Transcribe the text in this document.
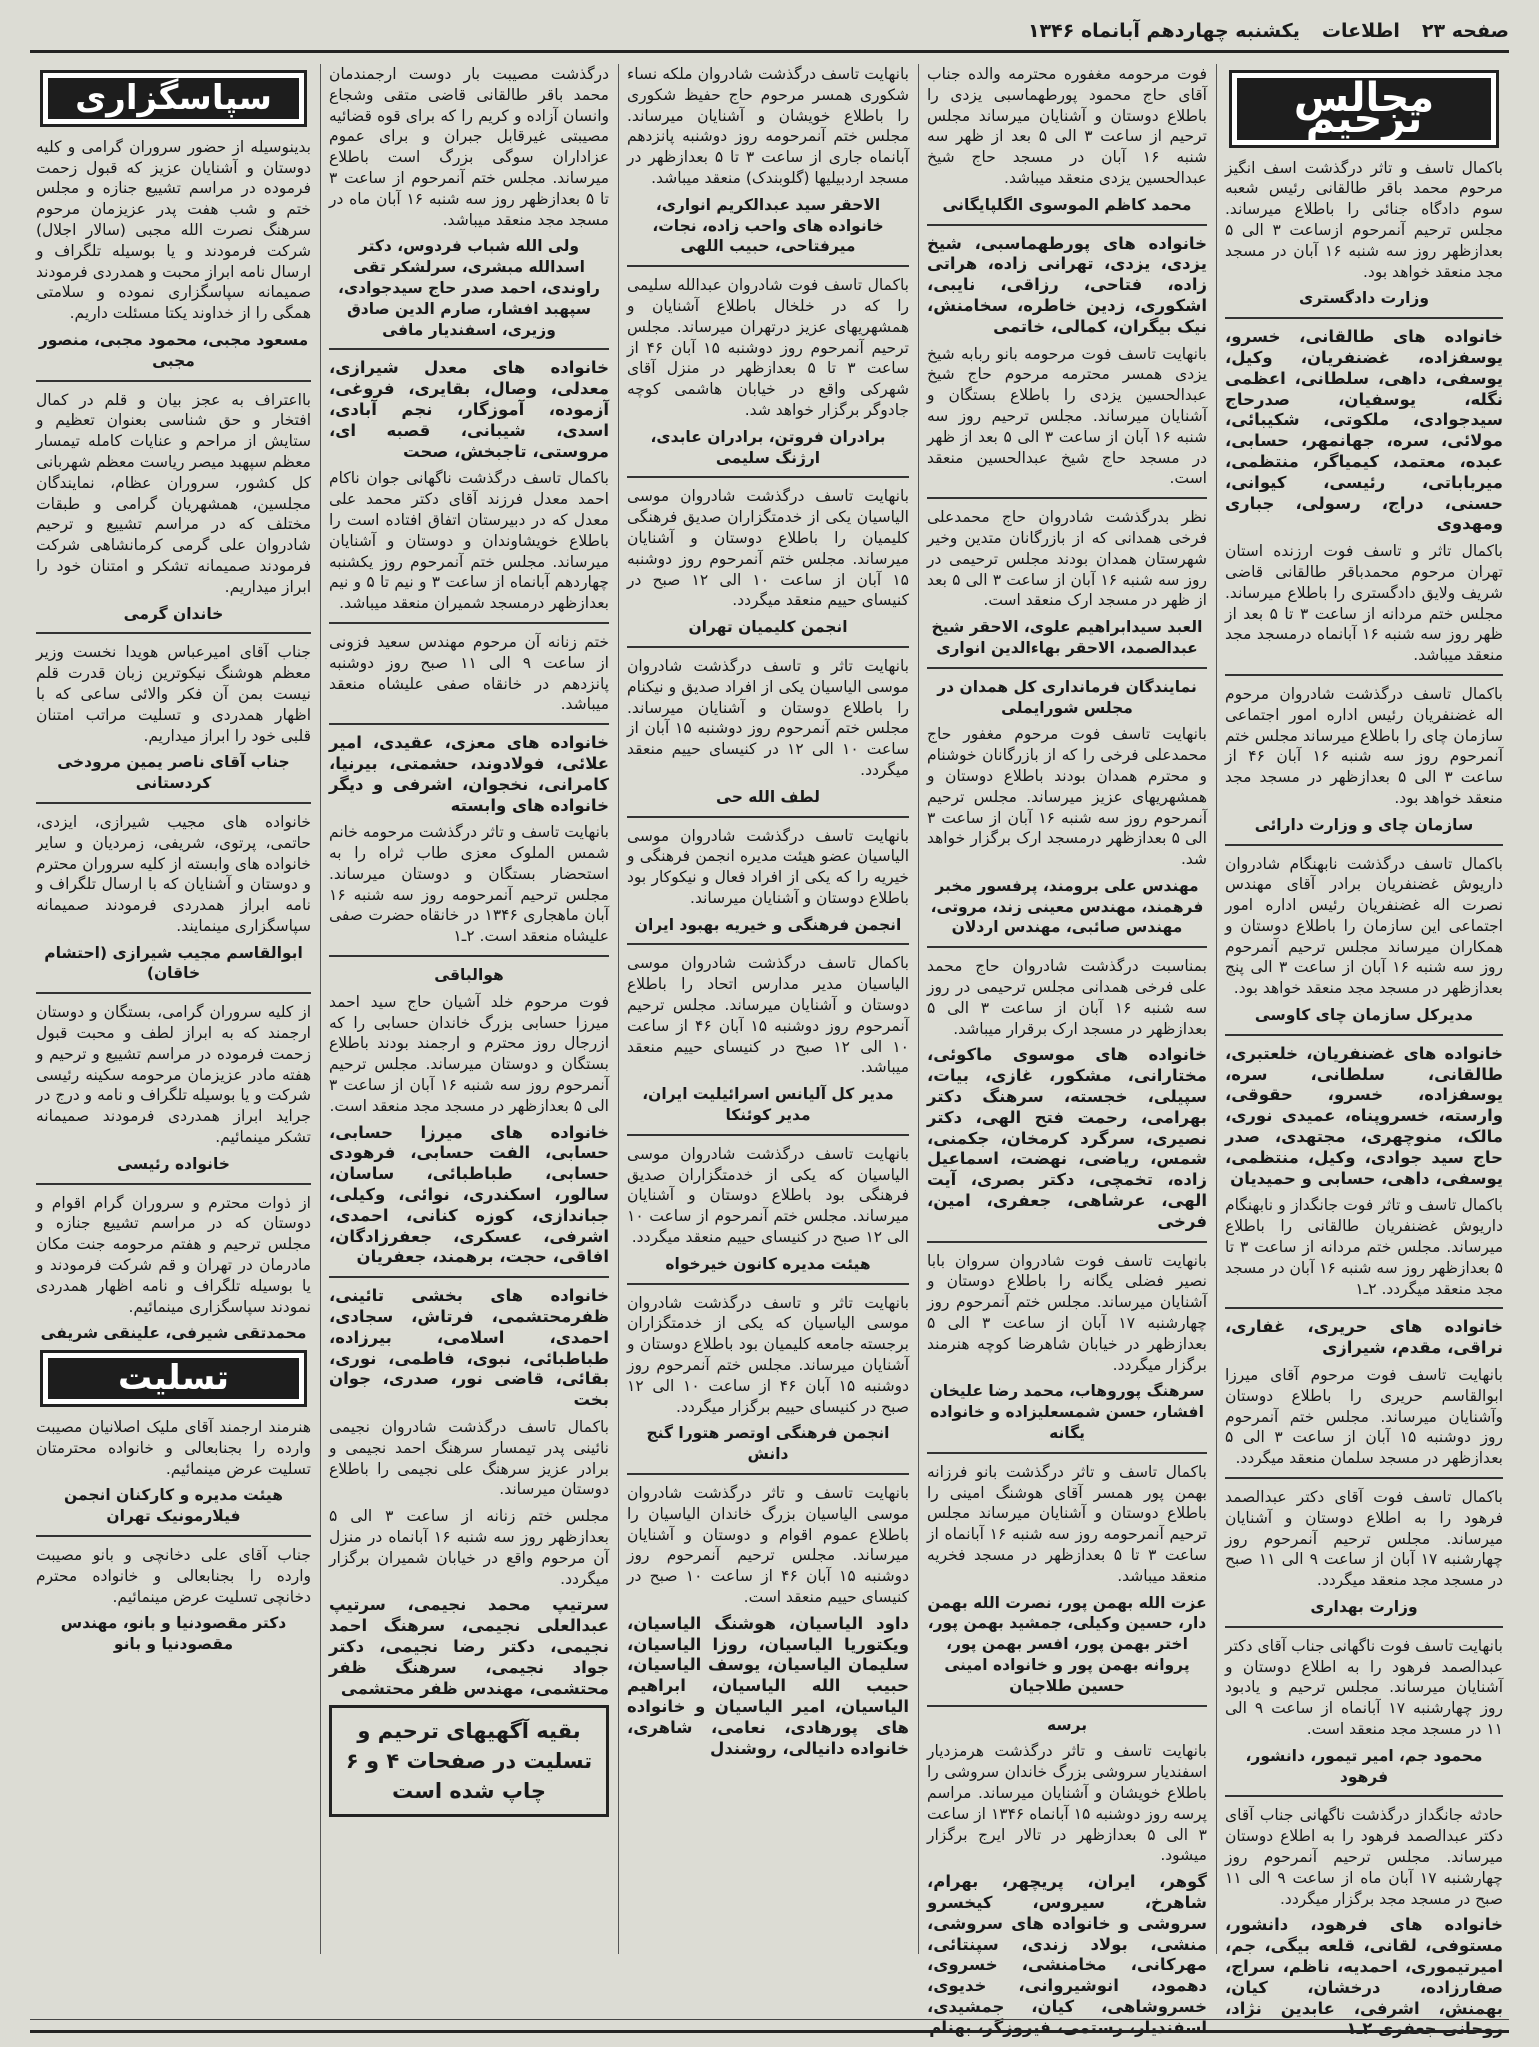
صفحه ۲۳
اطلاعات
یکشنبه چهاردهم آبانماه ۱۳۴۶
مجالس ترحیم

باکمال تاسف و تاثر درگذشت اسف انگیز مرحوم محمد باقر طالقانی رئیس شعبه سوم دادگاه جنائی را باطلاع میرساند. مجلس ترحیم آنمرحوم ازساعت ۳ الی ۵ بعدازظهر روز سه شنبه ۱۶ آبان در مسجد مجد منعقد خواهد بود.

وزارت دادگستری

خانواده های طالقانی، خسرو، یوسفزاده، غضنفریان، وکیل، یوسفی، داهی، سلطانی، اعظمی نگله، یوسفیان، صدرحاج سیدجوادی، ملکوتی، شکیبائی، مولائی، سره، جهانمهر، حسابی، عبده، معتمد، کیمیاگر، منتظمی، میرباباتی، رئیسی، کیوانی، حسنی، دراج، رسولی، جباری ومهدوی

باکمال تاثر و تاسف فوت ارزنده استان تهران مرحوم محمدباقر طالقانی قاضی شریف ولایق دادگستری را باطلاع میرساند. مجلس ختم مردانه از ساعت ۳ تا ۵ بعد از ظهر روز سه شنبه ۱۶ آبانماه درمسجد مجد منعقد میباشد.

باکمال تاسف درگذشت شادروان مرحوم اله غضنفریان رئیس اداره امور اجتماعی سازمان چای را باطلاع میرساند مجلس ختم آنمرحوم روز سه شنبه ۱۶ آبان ۴۶ از ساعت ۳ الی ۵ بعدازظهر در مسجد مجد منعقد خواهد بود.

سازمان چای و وزارت دارائی

باکمال تاسف درگذشت نابهنگام شادروان داریوش غضنفریان برادر آقای مهندس نصرت اله غضنفریان رئیس اداره امور اجتماعی این سازمان را باطلاع دوستان و همکاران میرساند مجلس ترحیم آنمرحوم روز سه شنبه ۱۶ آبان از ساعت ۳ الی پنج بعدازظهر در مسجد مجد منعقد خواهد بود.

مدیرکل سازمان چای کاوسی

خانواده های غضنفریان، خلعتبری، طالقانی، سلطانی، سره، یوسفزاده، خسرو، حقوقی، وارسته، خسروپناه، عمیدی نوری، مالک، منوچهری، مجتهدی، صدر حاج سید جوادی، وکیل، منتظمی، یوسفی، داهی، حسابی و حمیدیان

باکمال تاسف و تاثر فوت جانگداز و نابهنگام داریوش غضنفریان طالقانی را باطلاع میرساند. مجلس ختم مردانه از ساعت ۳ تا ۵ بعدازظهر روز سه شنبه ۱۶ آبان در مسجد مجد منعقد میگردد. ۲ـ۱

خانواده های حریری، غفاری، نراقی، مقدم، شیرازی

بانهایت تاسف فوت مرحوم آقای میرزا ابوالقاسم حریری را باطلاع دوستان وآشنایان میرساند. مجلس ختم آنمرحوم روز دوشنبه ۱۵ آبان از ساعت ۳ الی ۵ بعدازظهر در مسجد سلمان منعقد میگردد.

باکمال تاسف فوت آقای دکتر عبدالصمد فرهود را به اطلاع دوستان و آشنایان میرساند. مجلس ترحیم آنمرحوم روز چهارشنبه ۱۷ آبان از ساعت ۹ الی ۱۱ صبح در مسجد مجد منعقد میگردد.

وزارت بهداری

بانهایت تاسف فوت ناگهانی جناب آقای دکتر عبدالصمد فرهود را به اطلاع دوستان و آشنایان میرساند. مجلس ترحیم و یادبود روز چهارشنبه ۱۷ آبانماه از ساعت ۹ الی ۱۱ در مسجد مجد منعقد است.

محمود جم، امیر تیمور، دانشور، فرهود

حادثه جانگداز درگذشت ناگهانی جناب آقای دکتر عبدالصمد فرهود را به اطلاع دوستان میرساند. مجلس ترحیم آنمرحوم روز چهارشنبه ۱۷ آبان ماه از ساعت ۹ الی ۱۱ صبح در مسجد مجد برگزار میگردد.

خانواده های فرهود، دانشور، مستوفی، لقانی، قلعه بیگی، جم، امیرتیموری، احمدیه، ناظم، سراج، صفارزاده، درخشان، کیان، بهمنش، اشرفی، عابدین نژاد، روحانی جعفری ۲ـ۱

فوت مرحومه مغفوره محترمه والده جناب آقای حاج محمود پورطهماسبی یزدی را باطلاع دوستان و آشنایان میرساند مجلس ترحیم از ساعت ۳ الی ۵ بعد از ظهر سه شنبه ۱۶ آبان در مسجد حاج شیخ عبدالحسین یزدی منعقد میباشد.

محمد کاظم الموسوی الگلپایگانی

خانواده های پورطهماسبی، شیخ یزدی، یزدی، تهرانی زاده، هراتی زاده، فتاحی، رزاقی، نایبی، اشکوری، زدین خاطره، سخامنش، نیک بیگران، کمالی، خاتمی

بانهایت تاسف فوت مرحومه بانو ربابه شیخ یزدی همسر محترمه مرحوم حاج شیخ عبدالحسین یزدی را باطلاع بستگان و آشنایان میرساند. مجلس ترحیم روز سه شنبه ۱۶ آبان از ساعت ۳ الی ۵ بعد از ظهر در مسجد حاج شیخ عبدالحسین منعقد است.

نظر بدرگذشت شادروان حاج محمدعلی فرخی همدانی که از بازرگانان متدین وخیر شهرستان همدان بودند مجلس ترحیمی در روز سه شنبه ۱۶ آبان از ساعت ۳ الی ۵ بعد از ظهر در مسجد ارک منعقد است.

العبد سیدابراهیم علوی، الاحقر شیخ عبدالصمد، الاحقر بهاءالدین انواری
نمایندگان فرمانداری کل همدان در مجلس شورایملی

بانهایت تاسف فوت مرحوم مغفور حاج محمدعلی فرخی را که از بازرگانان خوشنام و محترم همدان بودند باطلاع دوستان و همشهریهای عزیز میرساند. مجلس ترحیم آنمرحوم روز سه شنبه ۱۶ آبان از ساعت ۳ الی ۵ بعدازظهر درمسجد ارک برگزار خواهد شد.

مهندس علی برومند، پرفسور مخبر فرهمند، مهندس معینی زند، مروتی، مهندس صائبی، مهندس اردلان

بمناسبت درگذشت شادروان حاج محمد علی فرخی همدانی مجلس ترحیمی در روز سه شنبه ۱۶ آبان از ساعت ۳ الی ۵ بعدازظهر در مسجد ارک برقرار میباشد.

خانواده های موسوی ماکوئی، مختارانی، مشکور، غازی، بیات، سپیلی، خجسته، سرهنگ دکتر بهرامی، رحمت فتح الهی، دکتر نصیری، سرگرد کرمخان، جکمنی، شمس، رياضی، نهضت، اسماعیل زاده، تخمچی، دکتر بصری، آیت الهی، عرشاهی، جعفری، امین، فرخی

بانهایت تاسف فوت شادروان سروان بابا نصیر فضلی یگانه را باطلاع دوستان و آشنایان میرساند. مجلس ختم آنمرحوم روز چهارشنبه ۱۷ آبان از ساعت ۳ الی ۵ بعدازظهر در خیابان شاهرضا کوچه هنرمند برگزار میگردد.

سرهنگ پوروهاب، محمد رضا علیخان افشار، حسن شمسعلیزاده و خانواده یگانه

باکمال تاسف و تاثر درگذشت بانو فرزانه بهمن پور همسر آقای هوشنگ امینی را باطلاع دوستان و آشنایان میرساند مجلس ترحیم آنمرحومه روز سه شنبه ۱۶ آبانماه از ساعت ۳ تا ۵ بعدازظهر در مسجد فخریه منعقد میباشد.

عزت الله بهمن پور، نصرت الله بهمن دار، حسین وکیلی، جمشید بهمن پور، اختر بهمن پور، افسر بهمن پور، پروانه بهمن پور و خانواده امینی حسین طلاجیان
برسه

بانهایت تاسف و تاثر درگذشت هرمزدیار اسفندیار سروشی بزرگ خاندان سروشی را باطلاع خویشان و آشنایان میرساند. مراسم پرسه روز دوشنبه ۱۵ آبانماه ۱۳۴۶ از ساعت ۳ الی ۵ بعدازظهر در تالار ایرج برگزار میشود.

گوهر، ایران، پریچهر، بهرام، شاهرخ، سیروس، کیخسرو سروشی و خانواده های سروشی، منشی، بولاد زندی، سپنتائی، مهرکانی، مخامنشی، خسروی، دهمود، انوشیروانی، خدیوی، خسروشاهی، کیان، جمشیدی، اسفندیار، رستمی، فیروزگر، بهنام

بانهایت تاسف درگذشت شادروان ملکه نساء شکوری همسر مرحوم حاج حفیظ شکوری را باطلاع خویشان و آشنایان میرساند. مجلس ختم آنمرحومه روز دوشنبه پانزدهم آبانماه جاری از ساعت ۳ تا ۵ بعدازظهر در مسجد اردبیلیها (گلوبندک) منعقد میباشد.

الاحقر سید عبدالکریم انواری، خانواده های واحب زاده، نجات، میرفتاحی، حبیب اللهی

باکمال تاسف فوت شادروان عبدالله سلیمی را که در خلخال باطلاع آشنایان و همشهریهای عزیز درتهران میرساند. مجلس ترحیم آنمرحوم روز دوشنبه ۱۵ آبان ۴۶ از ساعت ۳ تا ۵ بعدازظهر در منزل آقای شهرکی واقع در خیابان هاشمی کوچه جادوگر برگزار خواهد شد.

برادران فروتن، برادران عابدی، ارژنگ سلیمی

بانهایت تاسف درگذشت شادروان موسی الیاسیان یکی از خدمتگزاران صدیق فرهنگی کلیمیان را باطلاع دوستان و آشنایان میرساند. مجلس ختم آنمرحوم روز دوشنبه ۱۵ آبان از ساعت ۱۰ الی ۱۲ صبح در کنیسای حییم منعقد میگردد.

انجمن کلیمیان تهران

بانهایت تاثر و تاسف درگذشت شادروان موسی الیاسیان یکی از افراد صدیق و نیکنام را باطلاع دوستان و آشنایان میرساند. مجلس ختم آنمرحوم روز دوشنبه ۱۵ آبان از ساعت ۱۰ الی ۱۲ در کنیسای حییم منعقد میگردد.

لطف الله حی

بانهایت تاسف درگذشت شادروان موسی الیاسیان عضو هیئت مدیره انجمن فرهنگی و خیریه را که یکی از افراد فعال و نیکوکار بود باطلاع دوستان و آشنایان میرساند.

انجمن فرهنگی و خیریه بهبود ایران

باکمال تاسف درگذشت شادروان موسی الیاسیان مدیر مدارس اتحاد را باطلاع دوستان و آشنایان میرساند. مجلس ترحیم آنمرحوم روز دوشنبه ۱۵ آبان ۴۶ از ساعت ۱۰ الی ۱۲ صبح در کنیسای حییم منعقد میباشد.

مدیر کل آلیانس اسرائیلیت ایران، مدیر کوئنکا

بانهایت تاسف درگذشت شادروان موسی الیاسیان که یکی از خدمتگزاران صدیق فرهنگی بود باطلاع دوستان و آشنایان میرساند. مجلس ختم آنمرحوم از ساعت ۱۰ الی ۱۲ صبح در کنیسای حییم منعقد میگردد.

هیئت مدیره کانون خیرخواه

بانهایت تاثر و تاسف درگذشت شادروان موسی الیاسیان که یکی از خدمتگزاران برجسته جامعه کلیمیان بود باطلاع دوستان و آشنایان میرساند. مجلس ختم آنمرحوم روز دوشنبه ۱۵ آبان ۴۶ از ساعت ۱۰ الی ۱۲ صبح در کنیسای حییم برگزار میگردد.

انجمن فرهنگی اوتصر هتورا گنج دانش

بانهایت تاسف و تاثر درگذشت شادروان موسی الیاسیان بزرگ خاندان الیاسیان را باطلاع عموم اقوام و دوستان و آشنایان میرساند. مجلس ترحیم آنمرحوم روز دوشنبه ۱۵ آبان ۴۶ از ساعت ۱۰ صبح در کنیسای حییم منعقد است.

داود الیاسیان، هوشنگ الیاسیان، ویکتوریا الیاسیان، روزا الیاسیان، سلیمان الیاسیان، یوسف الیاسیان، حبیب الله الیاسیان، ابراهیم الیاسیان، امیر الیاسیان و خانواده های پورهادی، نعامی، شاهری، خانواده دانیالی، روشندل

درگذشت مصیبت بار دوست ارجمندمان محمد باقر طالقانی قاضی متقی وشجاع وانسان آزاده و کریم را که برای قوه قضائیه مصیبتی غیرقابل جبران و برای عموم عزاداران سوگی بزرگ است باطلاع میرساند. مجلس ختم آنمرحوم از ساعت ۳ تا ۵ بعدازظهر روز سه شنبه ۱۶ آبان ماه در مسجد مجد منعقد میباشد.

ولی الله شباب فردوس، دکتر اسدالله مبشری، سرلشکر تقی راوندی، احمد صدر حاج سیدجوادی، سپهبد افشار، صارم الدین صادق وزیری، اسفندیار مافی

خانواده های معدل شیرازی، معدلی، وصال، بقایری، فروغی، آزموده، آموزگار، نجم آبادی، اسدی، شیبانی، قصبه ای، مروستی، تاجبخش، صحت

باکمال تاسف درگذشت ناگهانی جوان ناکام احمد معدل فرزند آقای دکتر محمد علی معدل که در دبیرستان اتفاق افتاده است را باطلاع خویشاوندان و دوستان و آشنایان میرساند. مجلس ختم آنمرحوم روز یکشنبه چهاردهم آبانماه از ساعت ۳ و نیم تا ۵ و نیم بعدازظهر درمسجد شمیران منعقد میباشد.

ختم زنانه آن مرحوم مهندس سعید فزونی از ساعت ۹ الی ۱۱ صبح روز دوشنبه پانزدهم در خانقاه صفی علیشاه منعقد میباشد.

خانواده های معزی، عقیدی، امیر علائی، فولادوند، حشمتی، بیرنیا، کامرانی، نخجوان، اشرفی و دیگر خانواده های وابسته

بانهایت تاسف و تاثر درگذشت مرحومه خانم شمس الملوک معزی طاب ثراه را به استحضار بستگان و دوستان میرساند. مجلس ترحیم آنمرحومه روز سه شنبه ۱۶ آبان ماهجاری ۱۳۴۶ در خانقاه حضرت صفی علیشاه منعقد است. ۲ـ۱

هوالباقی

فوت مرحوم خلد آشیان حاج سید احمد میرزا حسابی بزرگ خاندان حسابی را که ازرجال روز محترم و ارجمند بودند باطلاع بستگان و دوستان میرساند. مجلس ترحیم آنمرحوم روز سه شنبه ۱۶ آبان از ساعت ۳ الی ۵ بعدازظهر در مسجد مجد منعقد است.

خانواده های میرزا حسابی، حسابی، الفت حسابی، فرهودی حسابی، طباطبائی، ساسان، سالور، اسکندری، نوائی، وکیلی، جباندازی، کوزه کنانی، احمدی، اشرفی، عسکری، جعفرزادگان، افاقی، حجت، برهمند، جعفریان

خانواده های بخشی تائینی، ظفرمحتشمی، فرتاش، سجادی، احمدی، اسلامی، بیرزاده، طباطبائی، نبوی، فاطمی، نوری، بقائی، قاضی نور، صدری، جوان بخت

باکمال تاسف درگذشت شادروان نجیمی نائینی پدر تیمسار سرهنگ احمد نجیمی و برادر عزیز سرهنگ علی نجیمی را باطلاع دوستان میرساند.

مجلس ختم زنانه از ساعت ۳ الی ۵ بعدازظهر روز سه شنبه ۱۶ آبانماه در منزل آن مرحوم واقع در خیابان شمیران برگزار میگردد.

سرتیپ محمد نجیمی، سرتیپ عبدالعلی نجیمی، سرهنگ احمد نجیمی، دکتر رضا نجیمی، دکتر جواد نجیمی، سرهنگ ظفر محتشمی، مهندس ظفر محتشمی

بقیه آگهیهای ترحیم و تسلیت در صفحات ۴ و ۶ چاپ شده است
سپاسگزاری

بدینوسیله از حضور سروران گرامی و کلیه دوستان و آشنایان عزیز که قبول زحمت فرموده در مراسم تشییع جنازه و مجلس ختم و شب هفت پدر عزیزمان مرحوم سرهنگ نصرت الله مجبی (سالار اجلال) شرکت فرمودند و یا بوسیله تلگراف و ارسال نامه ابراز محبت و همدردی فرمودند صمیمانه سپاسگزاری نموده و سلامتی همگی را از خداوند یکتا مسئلت داریم.

مسعود مجبی، محمود مجبی، منصور مجبی

بااعتراف به عجز بیان و قلم در کمال افتخار و حق شناسی بعنوان تعظیم و ستایش از مراحم و عنایات کامله تیمسار معظم سپهبد میصر ریاست معظم شهربانی کل کشور، سروران عظام، نمایندگان مجلسین، همشهریان گرامی و طبقات مختلف که در مراسم تشییع و ترحیم شادروان علی گرمی کرمانشاهی شرکت فرمودند صمیمانه تشکر و امتنان خود را ابراز میداریم.

خاندان گرمی

جناب آقای امیرعباس هویدا نخست وزیر معظم هوشنگ نیکوترین زبان قدرت قلم نیست بمن آن فکر والائی ساعی که با اظهار همدردی و تسلیت مراتب امتنان قلبی خود را ابراز میداریم.

جناب آقای ناصر یمین مرودخی کردستانی

خانواده های مجیب شیرازی، ایزدی، حاتمی، پرتوی، شریفی، زمردیان و سایر خانواده های وابسته از کلیه سروران محترم و دوستان و آشنایان که با ارسال تلگراف و نامه ابراز همدردی فرمودند صمیمانه سپاسگزاری مینمایند.

ابوالقاسم مجیب شیرازی (احتشام خاقان)

از کلیه سروران گرامی، بستگان و دوستان ارجمند که به ابراز لطف و محبت قبول زحمت فرموده در مراسم تشییع و ترحیم و هفته مادر عزیزمان مرحومه سکینه رئیسی شرکت و یا بوسیله تلگراف و نامه و درج در جراید ابراز همدردی فرمودند صمیمانه تشکر مینمائیم.

خانواده رئیسی

از ذوات محترم و سروران گرام اقوام و دوستان که در مراسم تشییع جنازه و مجلس ترحیم و هفتم مرحومه جنت مکان مادرمان در تهران و قم شرکت فرمودند و یا بوسیله تلگراف و نامه اظهار همدردی نمودند سپاسگزاری مینمائیم.

محمدتقی شیرفی، علینقی شریفی
تسلیت

هنرمند ارجمند آقای ملیک اصلانیان مصیبت وارده را بجنابعالی و خانواده محترمتان تسلیت عرض مینمائیم.

هیئت مدیره و کارکنان انجمن فیلارمونیک تهران

جناب آقای علی دخانچی و بانو مصیبت وارده را بجنابعالی و خانواده محترم دخانچی تسلیت عرض مینمائیم.

دکتر مقصودنیا و بانو، مهندس مقصودنیا و بانو
